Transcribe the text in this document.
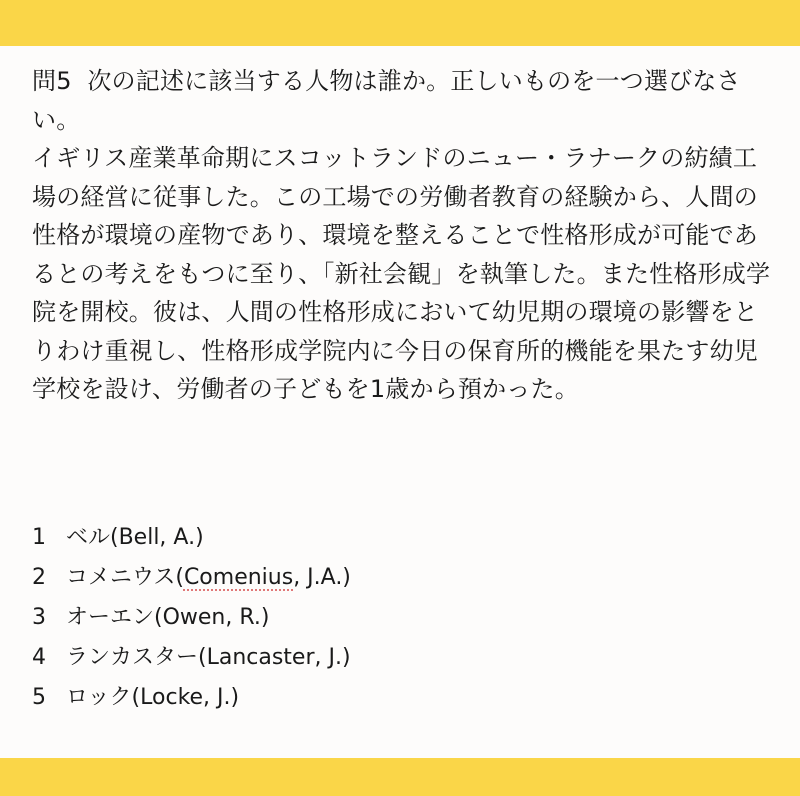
問5 次の記述に該当する人物は誰か。正しいものを一つ選びなさい。
イギリス産業革命期にスコットランドのニュー・ラナークの紡績工場の経営に従事した。この工場での労働者教育の経験から、人間の性格が環境の産物であり、環境を整えることで性格形成が可能であるとの考えをもつに至り、「新社会観」を執筆した。また性格形成学院を開校。彼は、人間の性格形成において幼児期の環境の影響をとりわけ重視し、性格形成学院内に今日の保育所的機能を果たす幼児学校を設け、労働者の子どもを1歳から預かった。

1 ベル(Bell, A.)
2 コメニウス(Comenius, J.A.)
3 オーエン(Owen, R.)
4 ランカスター(Lancaster, J.)
5 ロック(Locke, J.)
